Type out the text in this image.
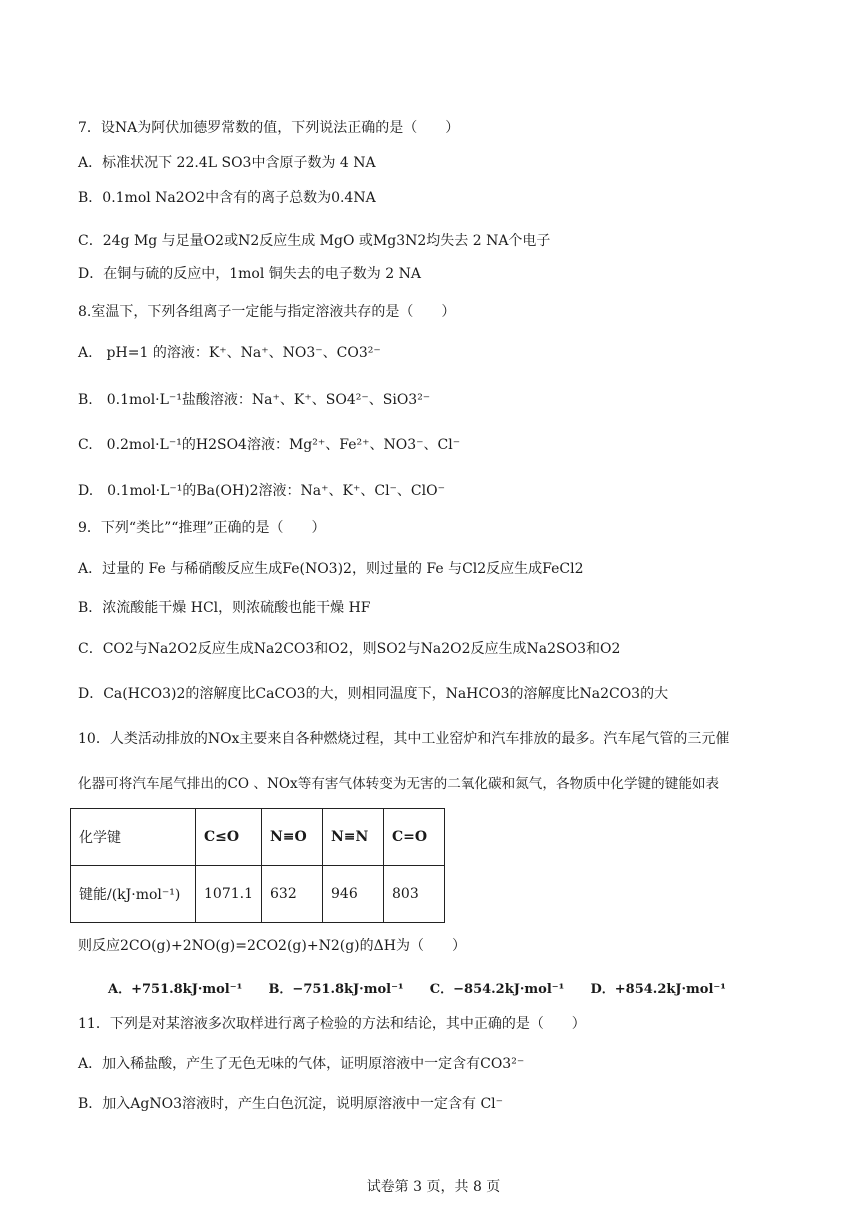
7．设NA为阿伏加德罗常数的值，下列说法正确的是（　　）
A．标准状况下 22.4L SO3中含原子数为 4 NA
B．0.1mol Na2O2中含有的离子总数为0.4NA
C．24g Mg 与足量O2或N2反应生成 MgO 或Mg3N2均失去 2 NA个电子
D．在铜与硫的反应中，1mol 铜失去的电子数为 2 NA
8.室温下，下列各组离子一定能与指定溶液共存的是（　　）
A.　pH=1 的溶液：K⁺、Na⁺、NO3⁻、CO3²⁻
B.　0.1mol·L⁻¹盐酸溶液：Na⁺、K⁺、SO4²⁻、SiO3²⁻
C.　0.2mol·L⁻¹的H2SO4溶液：Mg²⁺、Fe²⁺、NO3⁻、Cl⁻
D.　0.1mol·L⁻¹的Ba(OH)2溶液：Na⁺、K⁺、Cl⁻、ClO⁻
9．下列“类比”“推理”正确的是（　　）
A．过量的 Fe 与稀硝酸反应生成Fe(NO3)2，则过量的 Fe 与Cl2反应生成FeCl2
B．浓流酸能干燥 HCl，则浓硫酸也能干燥 HF
C．CO2与Na2O2反应生成Na2CO3和O2，则SO2与Na2O2反应生成Na2SO3和O2
D．Ca(HCO3)2的溶解度比CaCO3的大，则相同温度下，NaHCO3的溶解度比Na2CO3的大
10．人类活动排放的NOx主要来自各种燃烧过程，其中工业窑炉和汽车排放的最多。汽车尾气管的三元催
化器可将汽车尾气排出的CO 、NOx等有害气体转变为无害的二氧化碳和氮气，各物质中化学键的键能如表
化学键	C≤O	N≡O	N≡N	C=O
键能/(kJ·mol⁻¹)	1071.1	632	946	803
则反应2CO(g)+2NO(g)=2CO2(g)+N2(g)的ΔH为（　　）
A．+751.8kJ·mol⁻¹ B．−751.8kJ·mol⁻¹ C．−854.2kJ·mol⁻¹ D．+854.2kJ·mol⁻¹
11．下列是对某溶液多次取样进行离子检验的方法和结论，其中正确的是（　　）
A．加入稀盐酸，产生了无色无味的气体，证明原溶液中一定含有CO3²⁻
B．加入AgNO3溶液时，产生白色沉淀，说明原溶液中一定含有 Cl⁻
试卷第 3 页，共 8 页
